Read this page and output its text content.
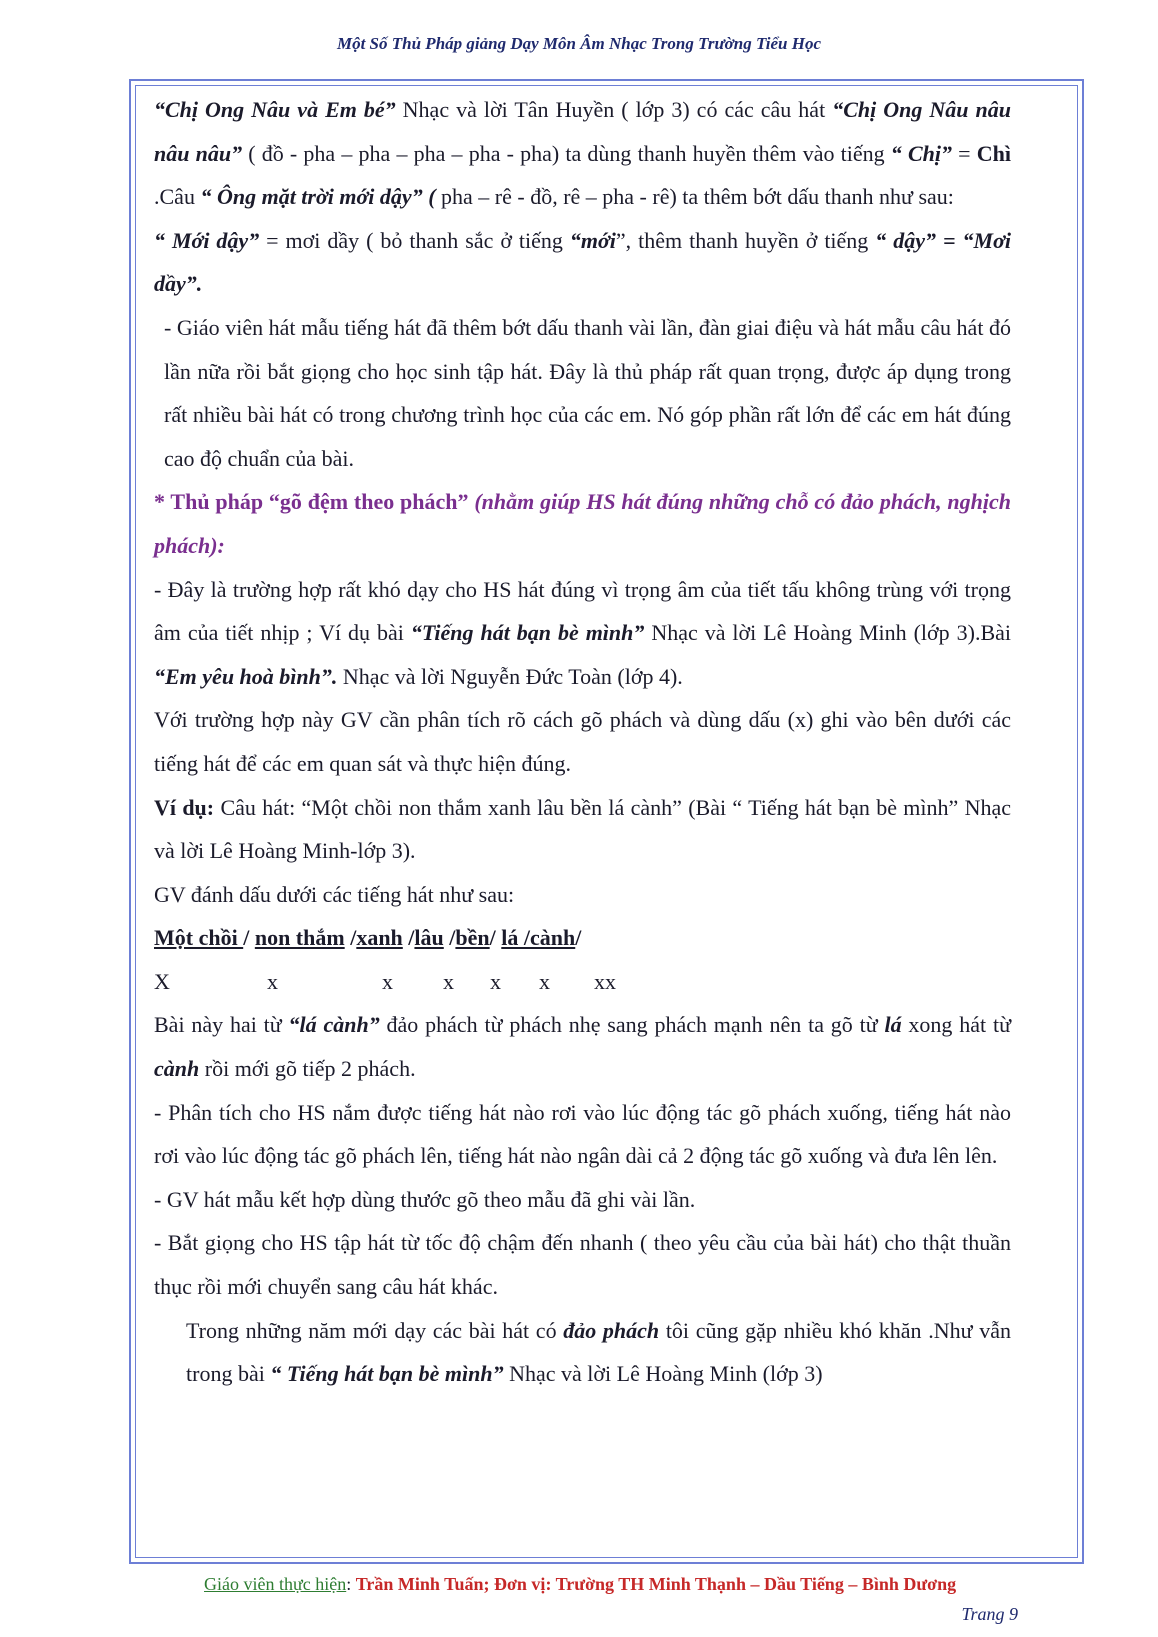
Một Số Thủ Pháp giảng Dạy Môn Âm Nhạc Trong Trường Tiểu Học

“Chị Ong Nâu và Em bé” Nhạc và lời Tân Huyền ( lớp 3) có các câu hát “Chị Ong Nâu nâu nâu nâu” ( đồ - pha – pha – pha – pha - pha) ta dùng thanh huyền thêm vào tiếng “ Chị” = Chì .Câu “ Ông mặt trời mới dậy” ( pha – rê - đồ, rê – pha - rê) ta thêm bớt dấu thanh như sau:

“ Mới dậy” = mơi dầy ( bỏ thanh sắc ở tiếng “mới”, thêm thanh huyền ở tiếng “ dậy” = “Mơi dầy”.

- Giáo viên hát mẫu tiếng hát đã thêm bớt dấu thanh vài lần, đàn giai điệu và hát mẫu câu hát đó lần nữa rồi bắt giọng cho học sinh tập hát. Đây là thủ pháp rất quan trọng, được áp dụng trong rất nhiều bài hát có trong chương trình học của các em. Nó góp phần rất lớn để các em hát đúng cao độ chuẩn của bài.

* Thủ pháp “gõ đệm theo phách” (nhằm giúp HS hát đúng những chỗ có đảo phách, nghịch phách):

- Đây là trường hợp rất khó dạy cho HS hát đúng vì trọng âm của tiết tấu không trùng với trọng âm của tiết nhịp ; Ví dụ bài “Tiếng hát bạn bè mình” Nhạc và lời Lê Hoàng Minh (lớp 3).Bài “Em yêu hoà bình”. Nhạc và lời Nguyễn Đức Toàn (lớp 4).

Với trường hợp này GV cần phân tích rõ cách gõ phách và dùng dấu (x) ghi vào bên dưới các tiếng hát để các em quan sát và thực hiện đúng.

Ví dụ: Câu hát: “Một chồi non thắm xanh lâu bền lá cành” (Bài “ Tiếng hát bạn bè mình” Nhạc và lời Lê Hoàng Minh-lớp 3).

GV đánh dấu dưới các tiếng hát như sau:

Một chồi / non thắm /xanh /lâu /bền/ lá /cành/

X	x	x x x x xx

Bài này hai từ “lá cành” đảo phách từ phách nhẹ sang phách mạnh nên ta gõ từ lá xong hát từ cành rồi mới gõ tiếp 2 phách.

- Phân tích cho HS nắm được tiếng hát nào rơi vào lúc động tác gõ phách xuống, tiếng hát nào rơi vào lúc động tác gõ phách lên, tiếng hát nào ngân dài cả 2 động tác gõ xuống và đưa lên lên.

- GV hát mẫu kết hợp dùng thước gõ theo mẫu đã ghi vài lần.

- Bắt giọng cho HS tập hát từ tốc độ chậm đến nhanh ( theo yêu cầu của bài hát) cho thật thuần thục rồi mới chuyển sang câu hát khác.

Trong những năm mới dạy các bài hát có đảo phách tôi cũng gặp nhiều khó khăn .Như vẫn trong bài “ Tiếng hát bạn bè mình” Nhạc và lời Lê Hoàng Minh (lớp 3)

Giáo viên thực hiện: Trần Minh Tuấn; Đơn vị: Trường TH Minh Thạnh – Dầu Tiếng – Bình Dương
Trang 9
